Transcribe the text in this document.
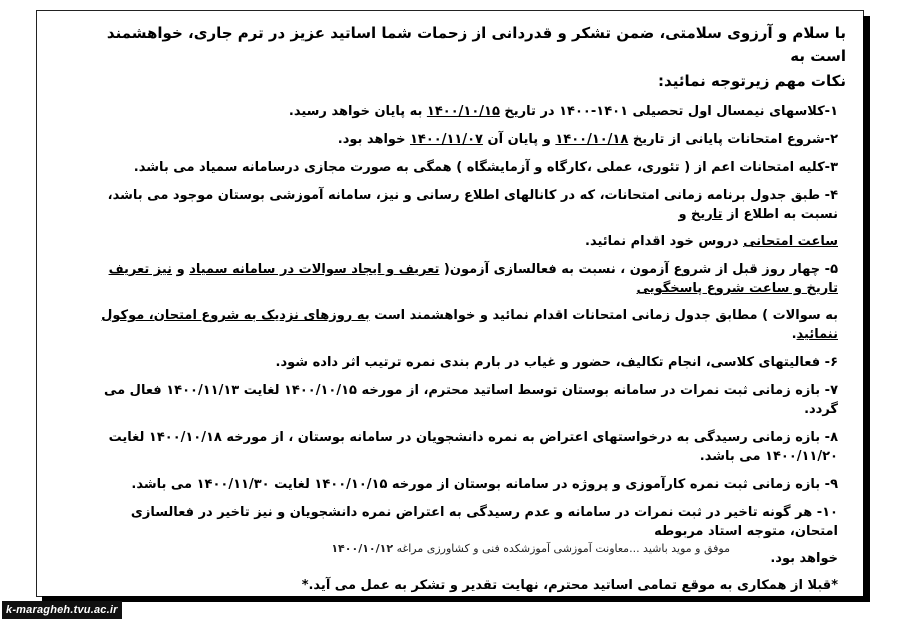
با سلام و آرزوی سلامتی، ضمن تشکر و قدردانی از زحمات شما اساتید عزیز در ترم جاری، خواهشمند است به
نکات مهم زیرتوجه نمائید:
۱-کلاسهای نیمسال اول تحصیلی ۱۴۰۱-۱۴۰۰ در تاریخ ۱۴۰۰/۱۰/۱۵ به پایان خواهد رسید.
۲-شروع امتحانات پایانی از تاریخ ۱۴۰۰/۱۰/۱۸ و پایان آن ۱۴۰۰/۱۱/۰۷ خواهد بود.
۳-کلیه امتحانات اعم از ( تئوری، عملی ،کارگاه و آزمایشگاه ) همگی به صورت مجازی درسامانه سمیاد می باشد.
۴- طبق جدول برنامه زمانی امتحانات، که در کانالهای اطلاع رسانی و نیز، سامانه آموزشی بوستان موجود می باشد، نسبت به اطلاع از تاریخ و
ساعت امتحانی دروس خود اقدام نمائید.
۵- چهار روز قبل از شروع آزمون ، نسبت به فعالسازی آزمون( تعریف و ایجاد سوالات در سامانه سمیاد و نیز تعریف تاریخ و ساعت شروع پاسخگویی
به سوالات ) مطابق جدول زمانی امتحانات اقدام نمائید و خواهشمند است به روزهای نزدیک به شروع امتحان، موکول ننمائید.
۶- فعالیتهای کلاسی، انجام تکالیف، حضور و غیاب در بارم بندی نمره ترتیب اثر داده شود.
۷- بازه زمانی ثبت نمرات در سامانه بوستان توسط اساتید محترم، از مورخه ۱۴۰۰/۱۰/۱۵ لغایت ۱۴۰۰/۱۱/۱۳ فعال می گردد.
۸- بازه زمانی رسیدگی به درخواستهای اعتراض به نمره دانشجویان در سامانه بوستان ، از مورخه ۱۴۰۰/۱۰/۱۸ لغایت ۱۴۰۰/۱۱/۲۰ می باشد.
۹- بازه زمانی ثبت نمره کارآموزی و پروژه در سامانه بوستان از مورخه ۱۴۰۰/۱۰/۱۵ لغایت ۱۴۰۰/۱۱/۳۰ می باشد.
۱۰- هر گونه تاخیر در ثبت نمرات در سامانه و عدم رسیدگی به اعتراض نمره دانشجویان و نیز تاخیر در فعالسازی امتحان، متوجه استاد مربوطه
خواهد بود.
*قبلا از همکاری به موقع تمامی اساتید محترم، نهایت تقدیر و تشکر به عمل می آید.*
موفق و موید باشید ...معاونت آموزشی آموزشکده فنی و کشاورزی مراغه ۱۴۰۰/۱۰/۱۲
k-maragheh.tvu.ac.ir
